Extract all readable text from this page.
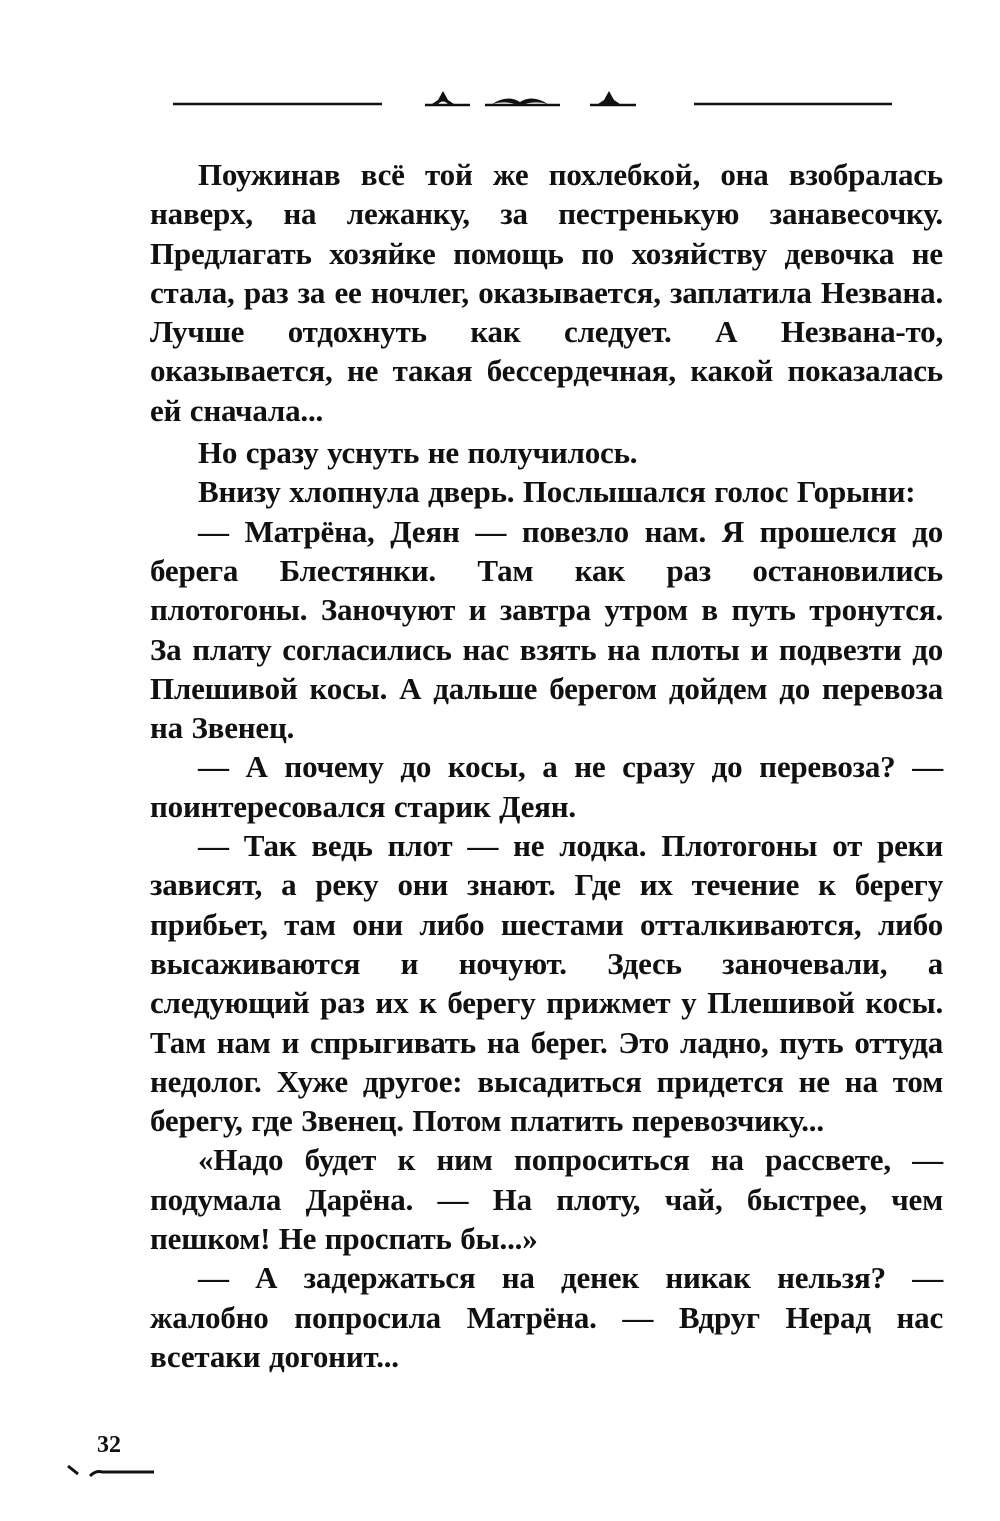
Поужинав всё той же похлебкой, она взобралась наверх, на лежанку, за пестренькую занавесочку. Предлагать хозяйке помощь по хозяйству девочка не стала, раз за ее ночлег, оказывается, заплатила Незвана. Лучше отдохнуть как следует. А Незвана-то, оказывается, не такая бессердечная, какой показалась ей сначала...

Но сразу уснуть не получилось.

Внизу хлопнула дверь. Послышался голос Горыни:

— Матрёна, Деян — повезло нам. Я прошелся до берега Блестянки. Там как раз остановились плотогоны. Заночуют и завтра утром в путь тронутся. За плату согласились нас взять на плоты и подвезти до Плешивой косы. А дальше берегом дойдем до перевоза на Звенец.

— А почему до косы, а не сразу до перевоза? — поинтересовался старик Деян.

— Так ведь плот — не лодка. Плотогоны от реки зависят, а реку они знают. Где их течение к берегу прибьет, там они либо шестами отталкиваются, либо высаживаются и ночуют. Здесь заночевали, а следующий раз их к берегу прижмет у Плешивой косы. Там нам и спрыгивать на берег. Это ладно, путь оттуда недолог. Хуже другое: высадиться придется не на том берегу, где Звенец. Потом платить перевозчику...

«Надо будет к ним попроситься на рассвете, — подумала Дарёна. — На плоту, чай, быстрее, чем пешком! Не проспать бы...»

— А задержаться на денек никак нельзя? — жалобно попросила Матрёна. — Вдруг Нерад нас всетаки догонит...

32
